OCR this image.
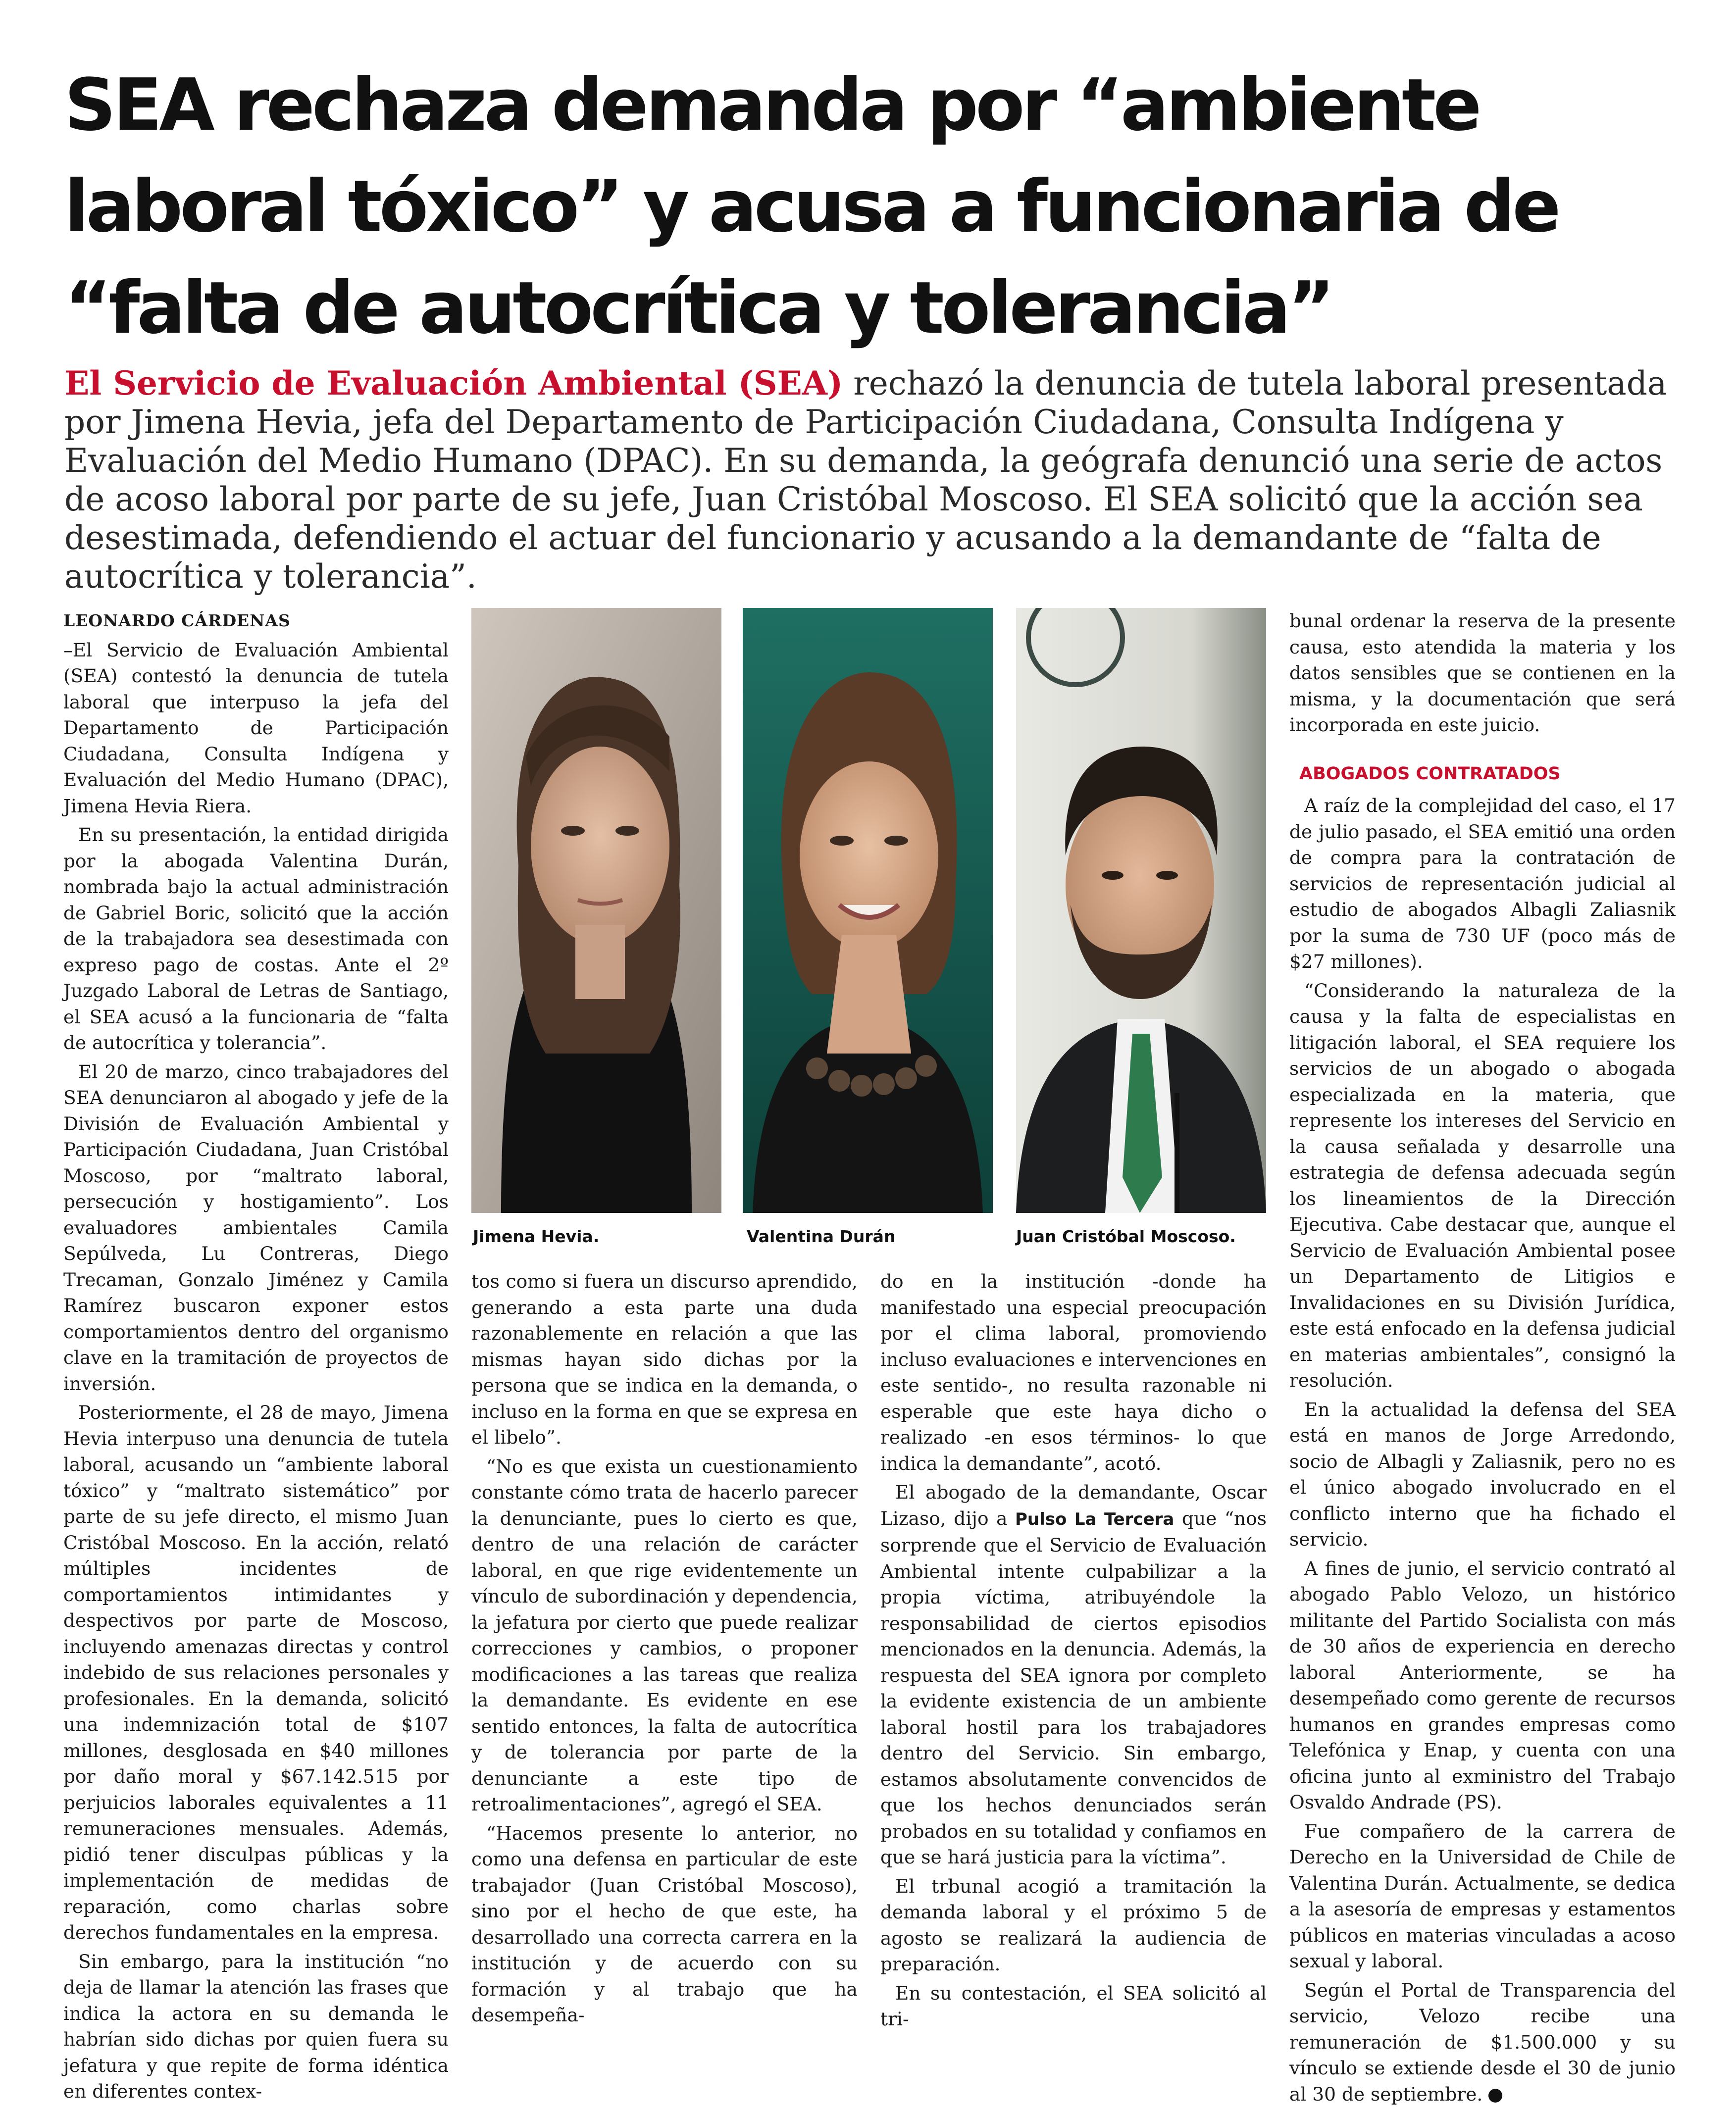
SEA rechaza demanda por “ambiente laboral tóxico” y acusa a funcionaria de “falta de autocrítica y tolerancia”

El Servicio de Evaluación Ambiental (SEA) rechazó la denuncia de tutela laboral presentada por Jimena Hevia, jefa del Departamento de Participación Ciudadana, Consulta Indígena y Evaluación del Medio Humano (DPAC). En su demanda, la geógrafa denunció una serie de actos de acoso laboral por parte de su jefe, Juan Cristóbal Moscoso. El SEA solicitó que la acción sea desestimada, defendiendo el actuar del funcionario y acusando a la demandante de “falta de autocrítica y tolerancia”.

LEONARDO CÁRDENAS

–El Servicio de Evaluación Ambiental (SEA) contestó la denuncia de tutela laboral que interpuso la jefa del Departamento de Participación Ciudadana, Consulta Indígena y Evaluación del Medio Humano (DPAC), Jimena Hevia Riera.

En su presentación, la entidad dirigida por la abogada Valentina Durán, nombrada bajo la actual administración de Gabriel Boric, solicitó que la acción de la trabajadora sea desestimada con expreso pago de costas. Ante el 2º Juzgado Laboral de Letras de Santiago, el SEA acusó a la funcionaria de “falta de autocrítica y tolerancia”.

El 20 de marzo, cinco trabajadores del SEA denunciaron al abogado y jefe de la División de Evaluación Ambiental y Participación Ciudadana, Juan Cristóbal Moscoso, por “maltrato laboral, persecución y hostigamiento”. Los evaluadores ambientales Camila Sepúlveda, Lu Contreras, Diego Trecaman, Gonzalo Jiménez y Camila Ramírez buscaron exponer estos comportamientos dentro del organismo clave en la tramitación de proyectos de inversión.

Posteriormente, el 28 de mayo, Jimena Hevia interpuso una denuncia de tutela laboral, acusando un “ambiente laboral tóxico” y “maltrato sistemático” por parte de su jefe directo, el mismo Juan Cristóbal Moscoso. En la acción, relató múltiples incidentes de comportamientos intimidantes y despectivos por parte de Moscoso, incluyendo amenazas directas y control indebido de sus relaciones personales y profesionales. En la demanda, solicitó una indemnización total de $107 millones, desglosada en $40 millones por daño moral y $67.142.515 por perjuicios laborales equivalentes a 11 remuneraciones mensuales. Además, pidió tener disculpas públicas y la implementación de medidas de reparación, como charlas sobre derechos fundamentales en la empresa.

Sin embargo, para la institución “no deja de llamar la atención las frases que indica la actora en su demanda le habrían sido dichas por quien fuera su jefatura y que repite de forma idéntica en diferentes contex-

Jimena Hevia.	Valentina Durán	Juan Cristóbal Moscoso.

tos como si fuera un discurso aprendido, generando a esta parte una duda razonablemente en relación a que las mismas hayan sido dichas por la persona que se indica en la demanda, o incluso en la forma en que se expresa en el libelo”.

“No es que exista un cuestionamiento constante cómo trata de hacerlo parecer la denunciante, pues lo cierto es que, dentro de una relación de carácter laboral, en que rige evidentemente un vínculo de subordinación y dependencia, la jefatura por cierto que puede realizar correcciones y cambios, o proponer modificaciones a las tareas que realiza la demandante. Es evidente en ese sentido entonces, la falta de autocrítica y de tolerancia por parte de la denunciante a este tipo de retroalimentaciones”, agregó el SEA.

“Hacemos presente lo anterior, no como una defensa en particular de este trabajador (Juan Cristóbal Moscoso), sino por el hecho de que este, ha desarrollado una correcta carrera en la institución y de acuerdo con su formación y al trabajo que ha desempeña-

do en la institución -donde ha manifestado una especial preocupación por el clima laboral, promoviendo incluso evaluaciones e intervenciones en este sentido-, no resulta razonable ni esperable que este haya dicho o realizado -en esos términos- lo que indica la demandante”, acotó.

El abogado de la demandante, Oscar Lizaso, dijo a Pulso La Tercera que “nos sorprende que el Servicio de Evaluación Ambiental intente culpabilizar a la propia víctima, atribuyéndole la responsabilidad de ciertos episodios mencionados en la denuncia. Además, la respuesta del SEA ignora por completo la evidente existencia de un ambiente laboral hostil para los trabajadores dentro del Servicio. Sin embargo, estamos absolutamente convencidos de que los hechos denunciados serán probados en su totalidad y confiamos en que se hará justicia para la víctima”.

El trbunal acogió a tramitación la demanda laboral y el próximo 5 de agosto se realizará la audiencia de preparación.

En su contestación, el SEA solicitó al tri-

bunal ordenar la reserva de la presente causa, esto atendida la materia y los datos sensibles que se contienen en la misma, y la documentación que será incorporada en este juicio.

ABOGADOS CONTRATADOS

A raíz de la complejidad del caso, el 17 de julio pasado, el SEA emitió una orden de compra para la contratación de servicios de representación judicial al estudio de abogados Albagli Zaliasnik por la suma de 730 UF (poco más de $27 millones).

“Considerando la naturaleza de la causa y la falta de especialistas en litigación laboral, el SEA requiere los servicios de un abogado o abogada especializada en la materia, que represente los intereses del Servicio en la causa señalada y desarrolle una estrategia de defensa adecuada según los lineamientos de la Dirección Ejecutiva. Cabe destacar que, aunque el Servicio de Evaluación Ambiental posee un Departamento de Litigios e Invalidaciones en su División Jurídica, este está enfocado en la defensa judicial en materias ambientales”, consignó la resolución.

En la actualidad la defensa del SEA está en manos de Jorge Arredondo, socio de Albagli y Zaliasnik, pero no es el único abogado involucrado en el conflicto interno que ha fichado el servicio.

A fines de junio, el servicio contrató al abogado Pablo Velozo, un histórico militante del Partido Socialista con más de 30 años de experiencia en derecho laboral Anteriormente, se ha desempeñado como gerente de recursos humanos en grandes empresas como Telefónica y Enap, y cuenta con una oficina junto al exministro del Trabajo Osvaldo Andrade (PS).

Fue compañero de la carrera de Derecho en la Universidad de Chile de Valentina Durán. Actualmente, se dedica a la asesoría de empresas y estamentos públicos en materias vinculadas a acoso sexual y laboral.

Según el Portal de Transparencia del servicio, Velozo recibe una remuneración de $1.500.000 y su vínculo se extiende desde el 30 de junio al 30 de septiembre. P
